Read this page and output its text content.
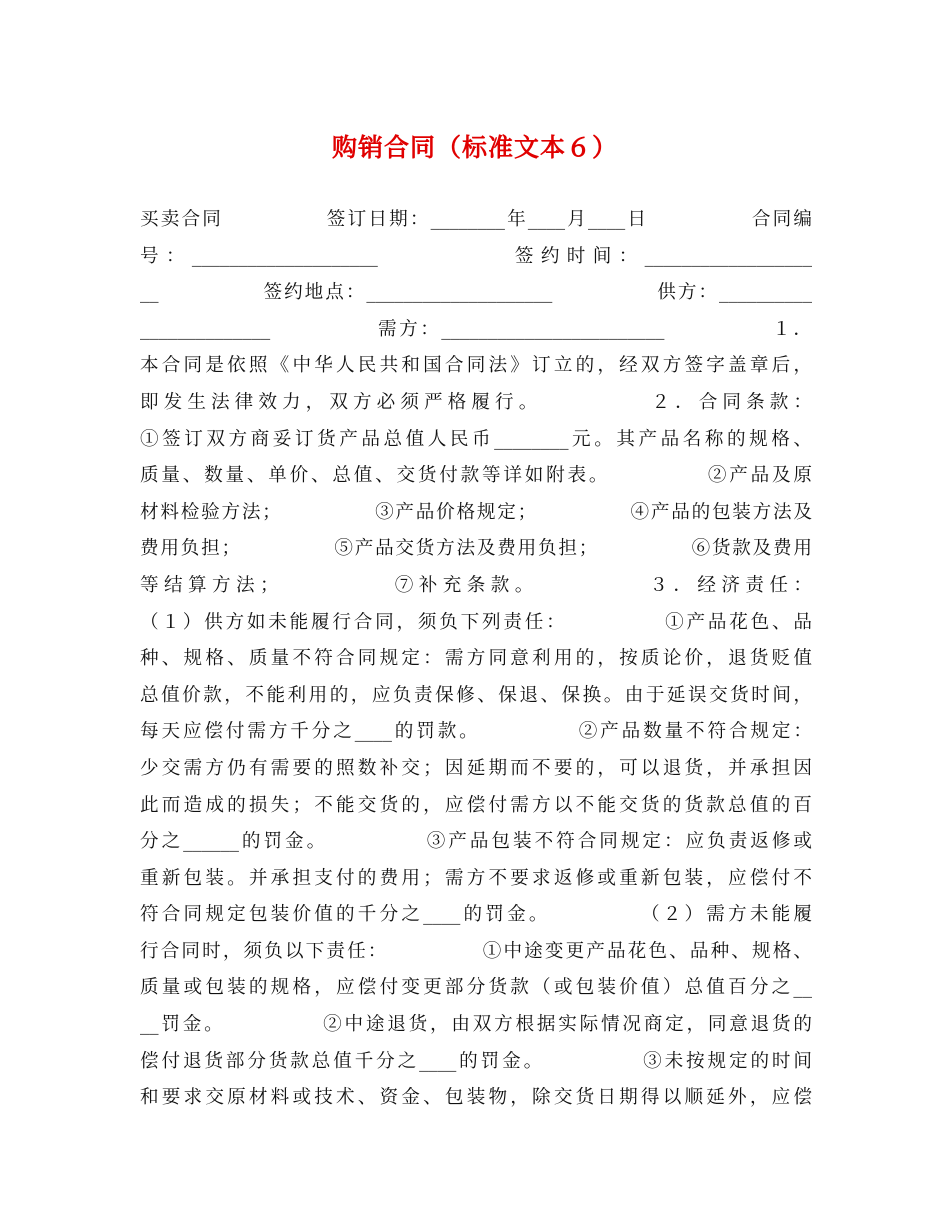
购销合同（标准文本６）
买卖合同　　　　　签订日期：________年____月____日　　　　　合同编
号：____________________　　　　　签约时间：__________________
__　　　　　签约地点：____________________　　　　　供方：__________
______________　　　　　需方：________________________　　　　　１．
本合同是依照《中华人民共和国合同法》订立的，经双方签字盖章后，
即发生法律效力，双方必须严格履行。　　　　　２．合同条款：
①签订双方商妥订货产品总值人民币________元。其产品名称的规格、
质量、数量、单价、总值、交货付款等详如附表。　　　　　②产品及原
材料检验方法；　　　　　③产品价格规定；　　　　　④产品的包装方法及
费用负担；　　　　　⑤产品交货方法及费用负担；　　　　　⑥货款及费用
等结算方法；　　　　　⑦补充条款。　　　　　３．经济责任：
（１）供方如未能履行合同，须负下列责任：　　　　　①产品花色、品
种、规格、质量不符合同规定：需方同意利用的，按质论价，退货贬值
总值价款，不能利用的，应负责保修、保退、保换。由于延误交货时间，
每天应偿付需方千分之____的罚款。　　　　　②产品数量不符合规定：
少交需方仍有需要的照数补交；因延期而不要的，可以退货，并承担因
此而造成的损失；不能交货的，应偿付需方以不能交货的货款总值的百
分之______的罚金。　　　　　③产品包装不符合同规定：应负责返修或
重新包装。并承担支付的费用；需方不要求返修或重新包装，应偿付不
符合同规定包装价值的千分之____的罚金。　　　　　（２）需方未能履
行合同时，须负以下责任：　　　　　①中途变更产品花色、品种、规格、
质量或包装的规格，应偿付变更部分货款（或包装价值）总值百分之__
__罚金。　　　　　②中途退货，由双方根据实际情况商定，同意退货的
偿付退货部分货款总值千分之____的罚金。　　　　　③未按规定的时间
和要求交原材料或技术、资金、包装物，除交货日期得以顺延外，应偿
